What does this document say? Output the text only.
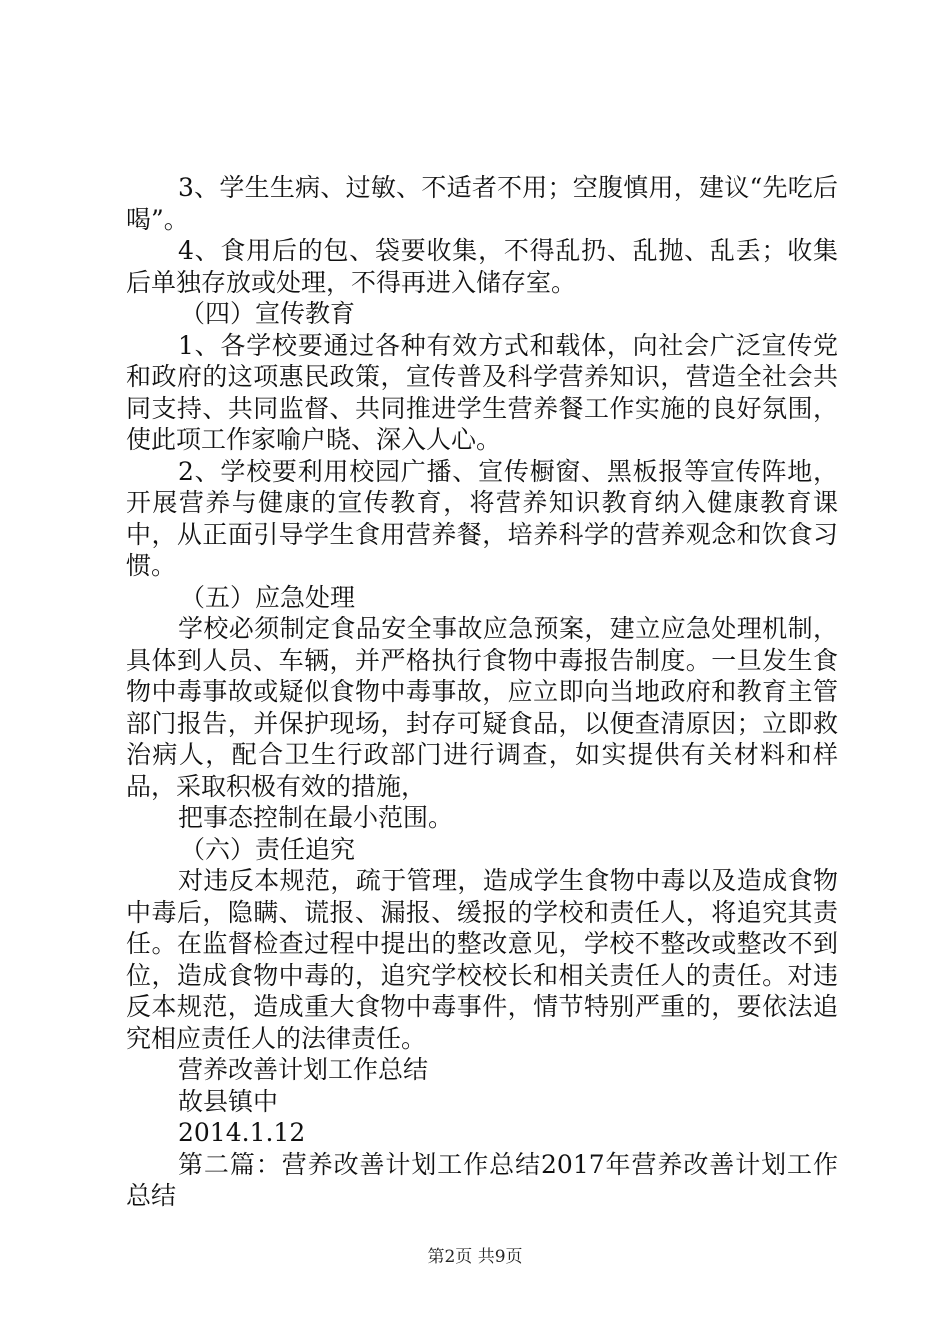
3、学生生病、过敏、不适者不用；空腹慎用，建议“先吃后喝”。

4、食用后的包、袋要收集，不得乱扔、乱抛、乱丢；收集后单独存放或处理，不得再进入储存室。

（四）宣传教育

1、各学校要通过各种有效方式和载体，向社会广泛宣传党和政府的这项惠民政策，宣传普及科学营养知识，营造全社会共同支持、共同监督、共同推进学生营养餐工作实施的良好氛围，使此项工作家喻户晓、深入人心。

2、学校要利用校园广播、宣传橱窗、黑板报等宣传阵地，开展营养与健康的宣传教育，将营养知识教育纳入健康教育课中，从正面引导学生食用营养餐，培养科学的营养观念和饮食习惯。

（五）应急处理

学校必须制定食品安全事故应急预案，建立应急处理机制，具体到人员、车辆，并严格执行食物中毒报告制度。一旦发生食物中毒事故或疑似食物中毒事故，应立即向当地政府和教育主管部门报告，并保护现场，封存可疑食品，以便查清原因；立即救治病人，配合卫生行政部门进行调查，如实提供有关材料和样品，采取积极有效的措施，

把事态控制在最小范围。

（六）责任追究

对违反本规范，疏于管理，造成学生食物中毒以及造成食物中毒后，隐瞒、谎报、漏报、缓报的学校和责任人，将追究其责任。在监督检查过程中提出的整改意见，学校不整改或整改不到位，造成食物中毒的，追究学校校长和相关责任人的责任。对违反本规范，造成重大食物中毒事件，情节特别严重的，要依法追究相应责任人的法律责任。

营养改善计划工作总结

故县镇中

2014.1.12

第二篇：营养改善计划工作总结2017年营养改善计划工作总结

第2页 共9页
